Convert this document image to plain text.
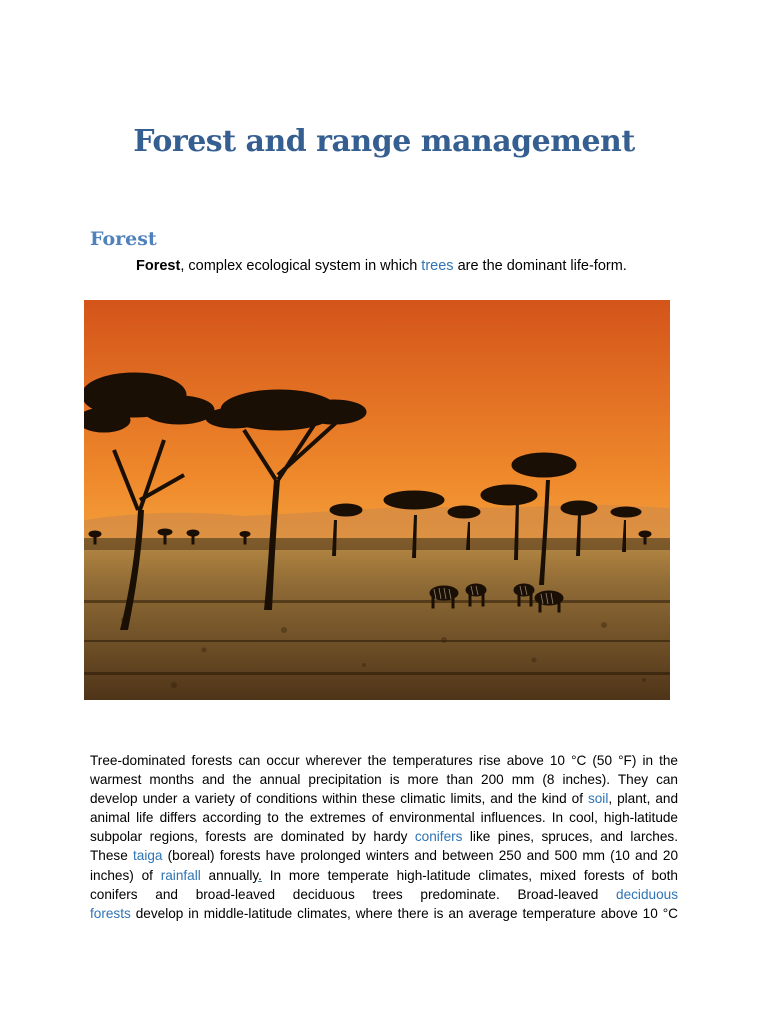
Forest and range management
Forest
Forest, complex ecological system in which trees are the dominant life-form.
Tree-dominated forests can occur wherever the temperatures rise above 10 °C (50 °F) in the
warmest months and the annual precipitation is more than 200 mm (8 inches). They can
develop under a variety of conditions within these climatic limits, and the kind of soil, plant, and
animal life differs according to the extremes of environmental influences. In cool, high-latitude
subpolar regions, forests are dominated by hardy conifers like pines, spruces, and larches.
These taiga (boreal) forests have prolonged winters and between 250 and 500 mm (10 and 20
inches) of rainfall annually. In more temperate high-latitude climates, mixed forests of both
conifers and broad-leaved deciduous trees predominate. Broad-leaved deciduous
forests develop in middle-latitude climates, where there is an average temperature above 10 °C
